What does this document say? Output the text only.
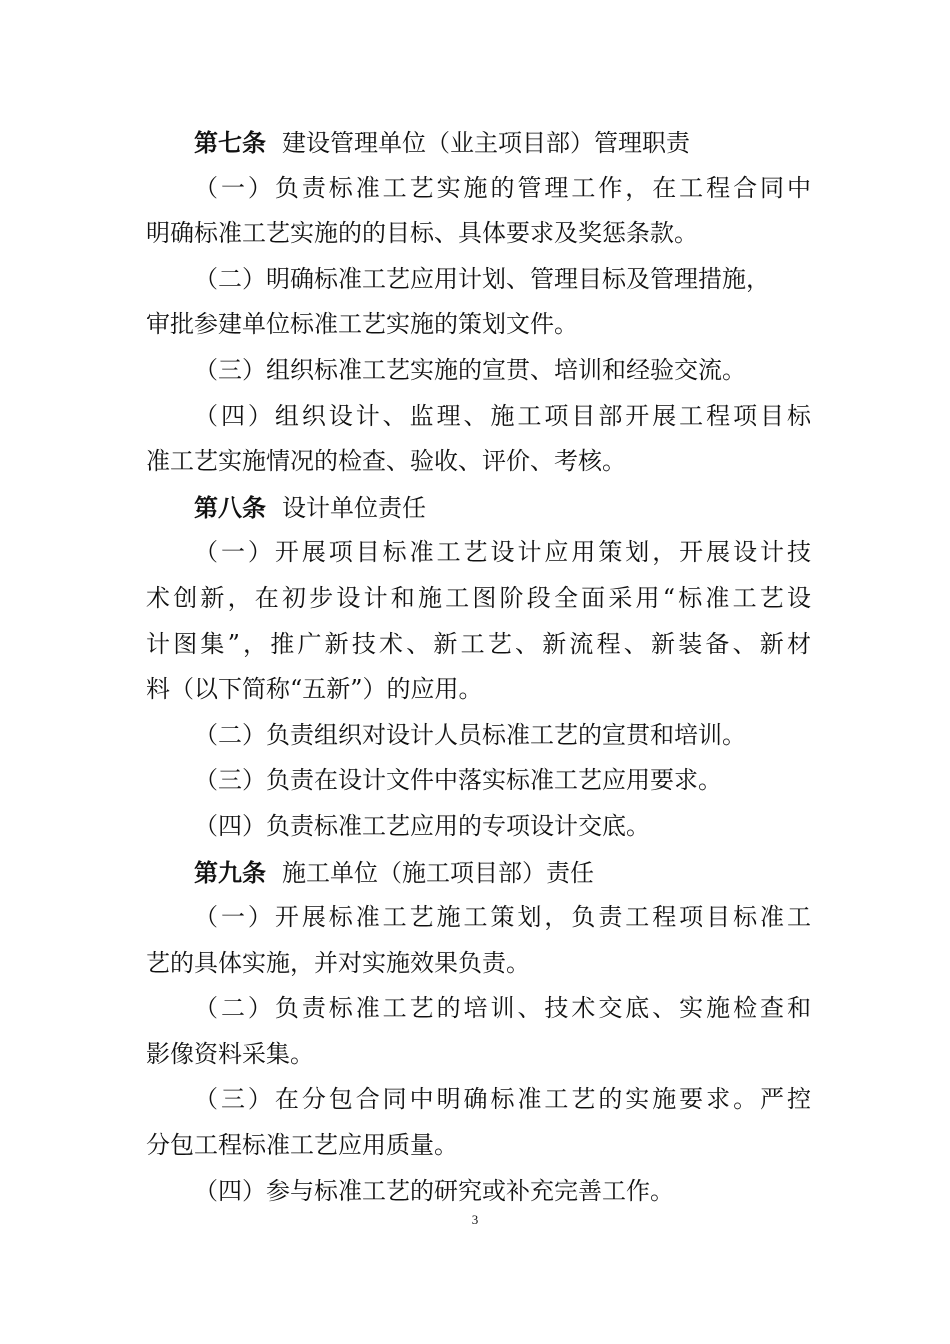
第七条 建设管理单位（业主项目部）管理职责
（一）负责标准工艺实施的管理工作，在工程合同中
明确标准工艺实施的的目标、具体要求及奖惩条款。
（二）明确标准工艺应用计划、管理目标及管理措施，
审批参建单位标准工艺实施的策划文件。
（三）组织标准工艺实施的宣贯、培训和经验交流。
（四）组织设计、监理、施工项目部开展工程项目标
准工艺实施情况的检查、验收、评价、考核。
第八条 设计单位责任
（一）开展项目标准工艺设计应用策划，开展设计技
术创新，在初步设计和施工图阶段全面采用“标准工艺设
计图集”，推广新技术、新工艺、新流程、新装备、新材
料（以下简称“五新”）的应用。
（二）负责组织对设计人员标准工艺的宣贯和培训。
（三）负责在设计文件中落实标准工艺应用要求。
（四）负责标准工艺应用的专项设计交底。
第九条 施工单位（施工项目部）责任
（一）开展标准工艺施工策划，负责工程项目标准工
艺的具体实施，并对实施效果负责。
（二）负责标准工艺的培训、技术交底、实施检查和
影像资料采集。
（三）在分包合同中明确标准工艺的实施要求。严控
分包工程标准工艺应用质量。
（四）参与标准工艺的研究或补充完善工作。
3
